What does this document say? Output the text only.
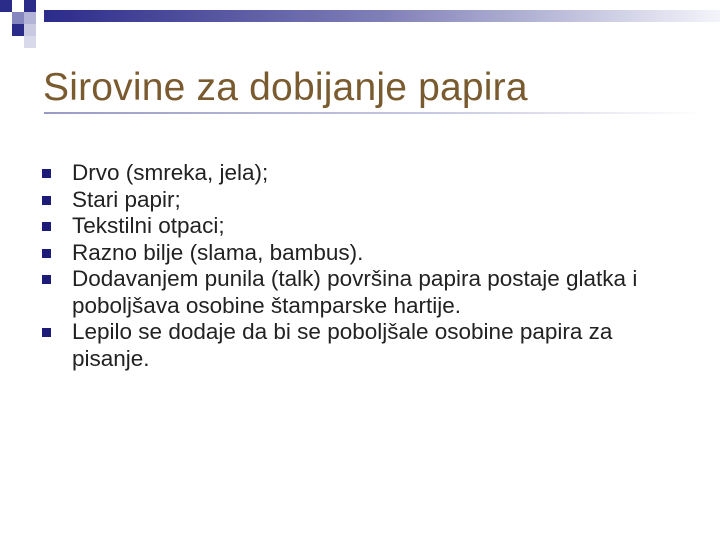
Sirovine za dobijanje papira
Drvo (smreka, jela);
Stari papir;
Tekstilni otpaci;
Razno bilje (slama, bambus).
Dodavanjem punila (talk) površina papira postaje glatka i poboljšava osobine štamparske hartije.
Lepilo se dodaje da bi se poboljšale osobine papira za pisanje.
